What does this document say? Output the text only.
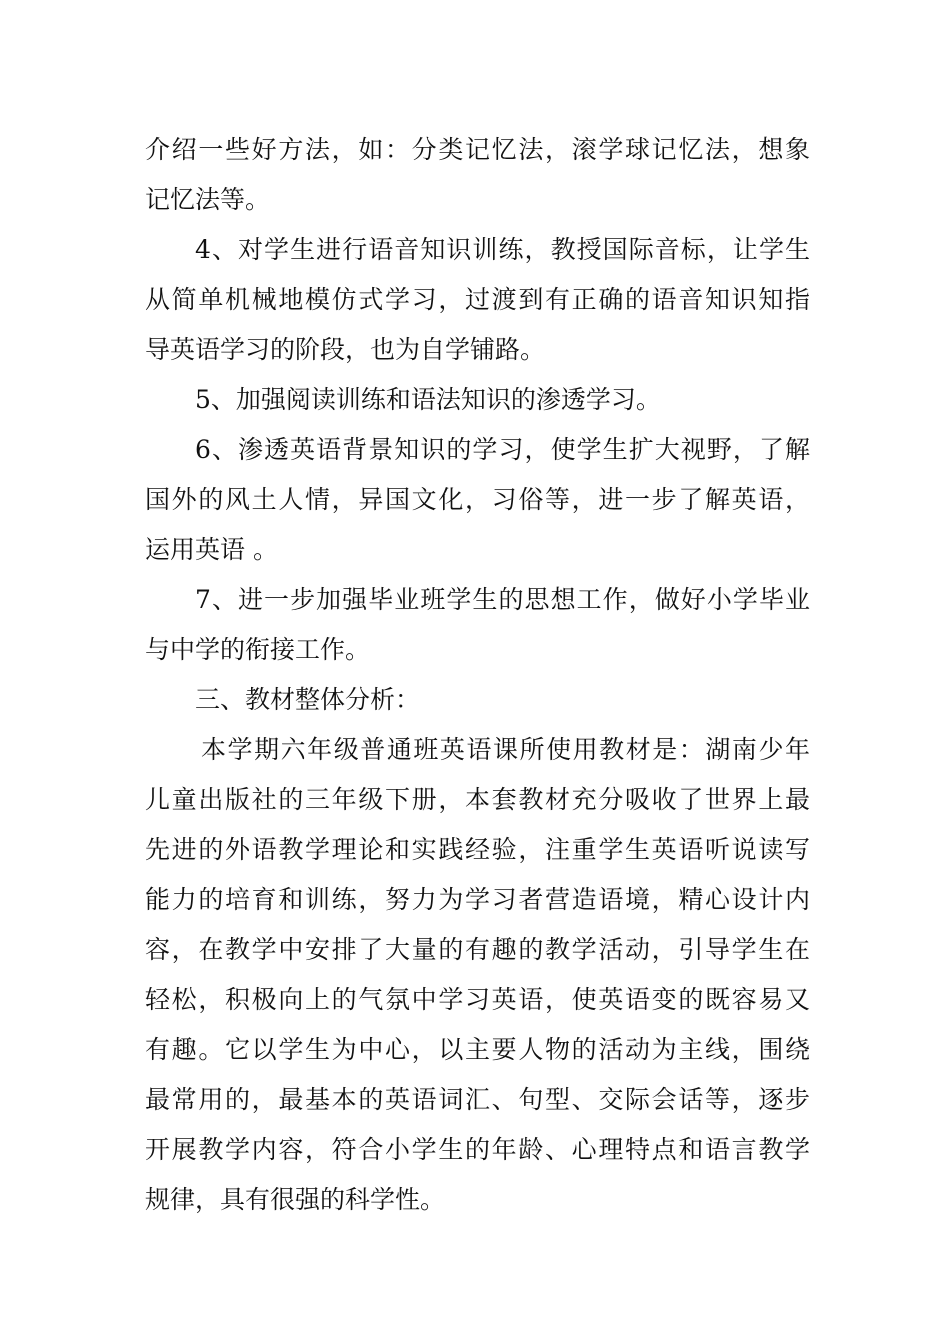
介绍一些好方法，如：分类记忆法，滚学球记忆法，想象
记忆法等。
4、对学生进行语音知识训练，教授国际音标，让学生
从简单机械地模仿式学习，过渡到有正确的语音知识知指
导英语学习的阶段，也为自学铺路。
5、加强阅读训练和语法知识的渗透学习。
6、渗透英语背景知识的学习，使学生扩大视野，了解
国外的风土人情，异国文化，习俗等，进一步了解英语，
运用英语 。
7、进一步加强毕业班学生的思想工作，做好小学毕业
与中学的衔接工作。
三、教材整体分析：
本学期六年级普通班英语课所使用教材是：湖南少年
儿童出版社的三年级下册，本套教材充分吸收了世界上最
先进的外语教学理论和实践经验，注重学生英语听说读写
能力的培育和训练，努力为学习者营造语境，精心设计内
容，在教学中安排了大量的有趣的教学活动，引导学生在
轻松，积极向上的气氛中学习英语，使英语变的既容易又
有趣。它以学生为中心，以主要人物的活动为主线，围绕
最常用的，最基本的英语词汇、句型、交际会话等，逐步
开展教学内容，符合小学生的年龄、心理特点和语言教学
规律，具有很强的科学性。
